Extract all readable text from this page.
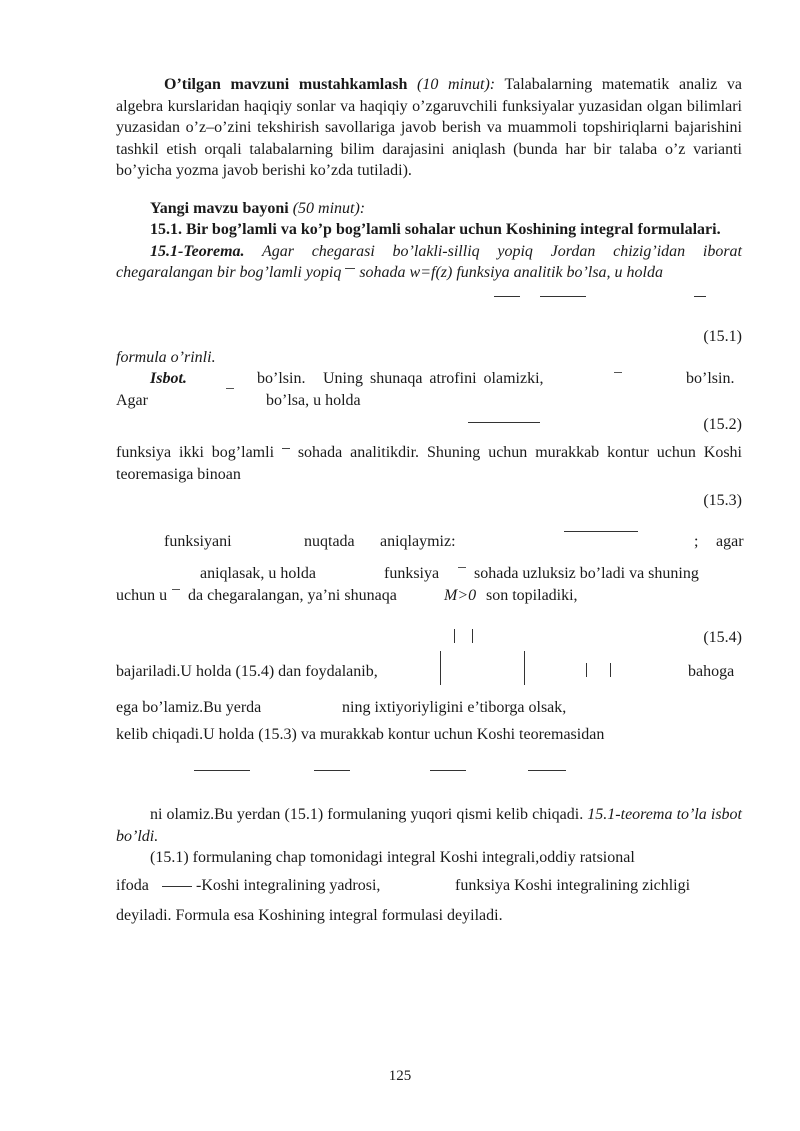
O’tilgan mavzuni mustahkamlash (10 minut): Talabalarning matematik analiz va algebra kurslaridan haqiqiy sonlar va haqiqiy o’zgaruvchili funksiyalar yuzasidan olgan bilimlari yuzasidan o’z–o’zini tekshirish savollariga javob berish va muammoli topshiriqlarni bajarishini tashkil etish orqali talabalarning bilim darajasini aniqlash (bunda har bir talaba o’z varianti bo’yicha yozma javob berishi ko’zda tutiladi).

Yangi mavzu bayoni (50 minut):

15.1. Bir bog’lamli va ko’p bog’lamli sohalar uchun Koshining integral formulalari.

15.1-Teorema. Agar chegarasi bo’lakli-silliq yopiq Jordan chizig’idan iborat chegaralangan bir bog’lamli yopiq  sohada w=f(z) funksiya analitik bo’lsa, u holda

(15.1)

formula o’rinli.

Isbot.	bo’lsin. Uning shunaqa atrofini olamizki,	bo’lsin.
Agar	bo’lsa, u holda
(15.2)

funksiya ikki bog’lamli  sohada analitikdir. Shuning uchun murakkab kontur uchun Koshi teoremasiga binoan

(15.3)
funksiyani	nuqtada aniqlaymiz:	; agar
aniqlasak, u holda	funksiya sohada uzluksiz bo’ladi va shuning
uchun u da chegaralangan, ya’ni shunaqa	M>0 son topiladiki,
(15.4)
bajariladi.U holda (15.4) dan foydalanib,	bahoga
ega bo’lamiz.Bu yerda	ning ixtiyoriyligini e’tiborga olsak,
kelib chiqadi.U holda (15.3) va murakkab kontur uchun Koshi teoremasidan

ni olamiz.Bu yerdan (15.1) formulaning yuqori qismi kelib chiqadi. 15.1-teorema to’la isbot bo’ldi.

(15.1) formulaning chap tomonidagi integral Koshi integrali,oddiy ratsional

ifoda	-Koshi integralining yadrosi,	funksiya Koshi integralining zichligi

deyiladi. Formula esa Koshining integral formulasi deyiladi.

125
